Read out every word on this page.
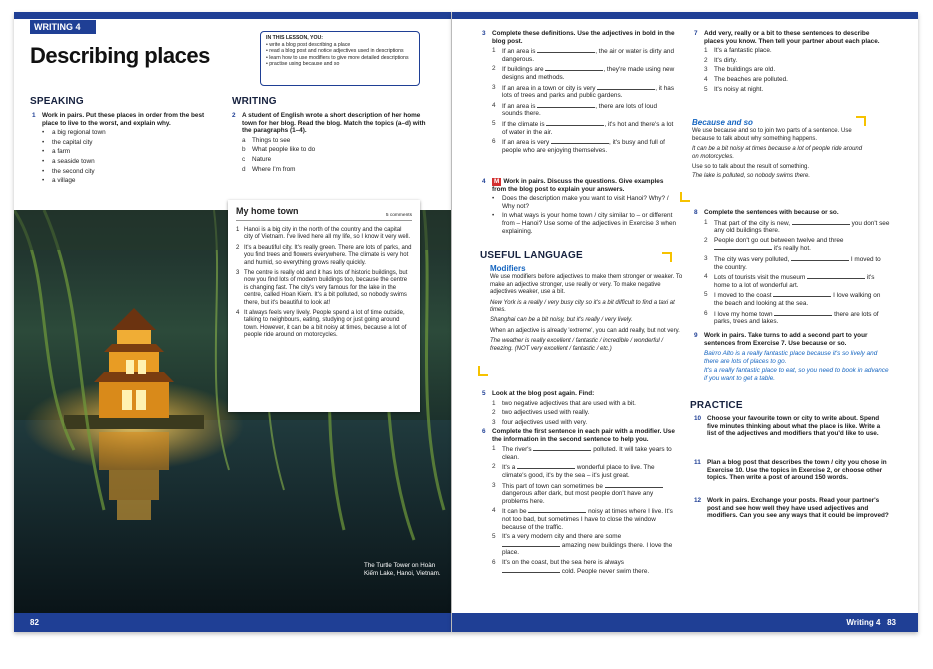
WRITING 4
Describing places
IN THIS LESSON, YOU:
• write a blog post describing a place
• read a blog post and notice adjectives used in descriptions
• learn how to use modifiers to give more detailed descriptions
• practise using because and so
SPEAKING
1 Work in pairs. Put these places in order from the best place to live to the worst, and explain why.
• a big regional town
• the capital city
• a farm
• a seaside town
• the second city
• a village
WRITING
2 A student of English wrote a short description of her home town for her blog. Read the blog. Match the topics (a–d) with the paragraphs (1–4).
a Things to see
b What people like to do
c Nature
d Where I'm from
The Turtle Tower on Hoàn Kiếm Lake, Hanoi, Vietnam.
My home town	5 comments
1 Hanoi is a big city in the north of the country and the capital city of Vietnam. I've lived here all my life, so I know it very well.
2 It's a beautiful city. It's really green. There are lots of parks, and you find trees and flowers everywhere. The climate is very hot and humid, so everything grows really quickly.
3 The centre is really old and it has lots of historic buildings, but now you find lots of modern buildings too, because the centre is changing fast. The city's very famous for the lake in the centre, called Hoan Kiem. It's a bit polluted, so nobody swims there, but it's beautiful to look at!
4 It always feels very lively. People spend a lot of time outside, talking to neighbours, eating, studying or just going around town. However, it can be a bit noisy at times, because a lot of people ride around on motorcycles.
82
3 Complete these definitions. Use the adjectives in bold in the blog post.
1 If an area is	, the air or water is dirty and dangerous.
2 If buildings are	, they're made using new designs and methods.
3 If an area in a town or city is very	, it has lots of trees and parks and public gardens.
4 If an area is	, there are lots of loud sounds there.
5 If the climate is	, it's hot and there's a lot of water in the air.
6 If an area is very	, it's busy and full of people who are enjoying themselves.
4	M Work in pairs. Discuss the questions. Give examples from the blog post to explain your answers.
• Does the description make you want to visit Hanoi? Why? / Why not?
• In what ways is your home town / city similar to – or different from – Hanoi? Use some of the adjectives in Exercise 3 when explaining.
USEFUL LANGUAGE
Modifiers
We use modifiers before adjectives to make them stronger or weaker. To make an adjective stronger, use really or very. To make negative adjectives weaker, use a bit.
New York is a really / very busy city so it's a bit difficult to find a taxi at times.
Shanghai can be a bit noisy, but it's really / very lively.
When an adjective is already 'extreme', you can add really, but not very.
The weather is really excellent / fantastic / incredible / wonderful / freezing. (NOT very excellent / fantastic / etc.)
5 Look at the blog post again. Find:
1 two negative adjectives that are used with a bit.
2 two adjectives used with really.
3 four adjectives used with very.
6 Complete the first sentence in each pair with a modifier. Use the information in the second sentence to help you.
1 The river's	polluted. It will take years to clean.
2 It's a	wonderful place to live. The climate's good, it's by the sea – it's just great.
3 This part of town can sometimes be  dangerous after dark, but most people don't have any problems here.
4 It can be	noisy at times where I live. It's not too bad, but sometimes I have to close the window because of the traffic.
5 It's a very modern city and there are some  amazing new buildings there. I love the place.
6 It's on the coast, but the sea here is always  cold. People never swim there.
7 Add very, really or a bit to these sentences to describe places you know. Then tell your partner about each place.
1 It's a fantastic place.
2 It's dirty.
3 The buildings are old.
4 The beaches are polluted.
5 It's noisy at night.
Because and so
We use because and so to join two parts of a sentence. Use because to talk about why something happens.
It can be a bit noisy at times because a lot of people ride around on motorcycles.
Use so to talk about the result of something.
The lake is polluted, so nobody swims there.
8 Complete the sentences with because or so.
1 That part of the city is new,	you don't see any old buildings there.
2 People don't go out between twelve and three  it's really hot.
3 The city was very polluted,	I moved to the country.
4 Lots of tourists visit the museum	it's home to a lot of wonderful art.
5 I moved to the coast	I love walking on the beach and looking at the sea.
6 I love my home town	there are lots of parks, trees and lakes.
9 Work in pairs. Take turns to add a second part to your sentences from Exercise 7. Use because or so.
Bairro Alto is a really fantastic place because it's so lively and there are lots of places to go.
It's a really fantastic place to eat, so you need to book in advance if you want to get a table.
PRACTICE
10 Choose your favourite town or city to write about. Spend five minutes thinking about what the place is like. Write a list of the adjectives and modifiers that you'd like to use.
11 Plan a blog post that describes the town / city you chose in Exercise 10. Use the topics in Exercise 2, or choose other topics. Then write a post of around 150 words.
12 Work in pairs. Exchange your posts. Read your partner's post and see how well they have used adjectives and modifiers. Can you see any ways that it could be improved?
Writing 4 83
